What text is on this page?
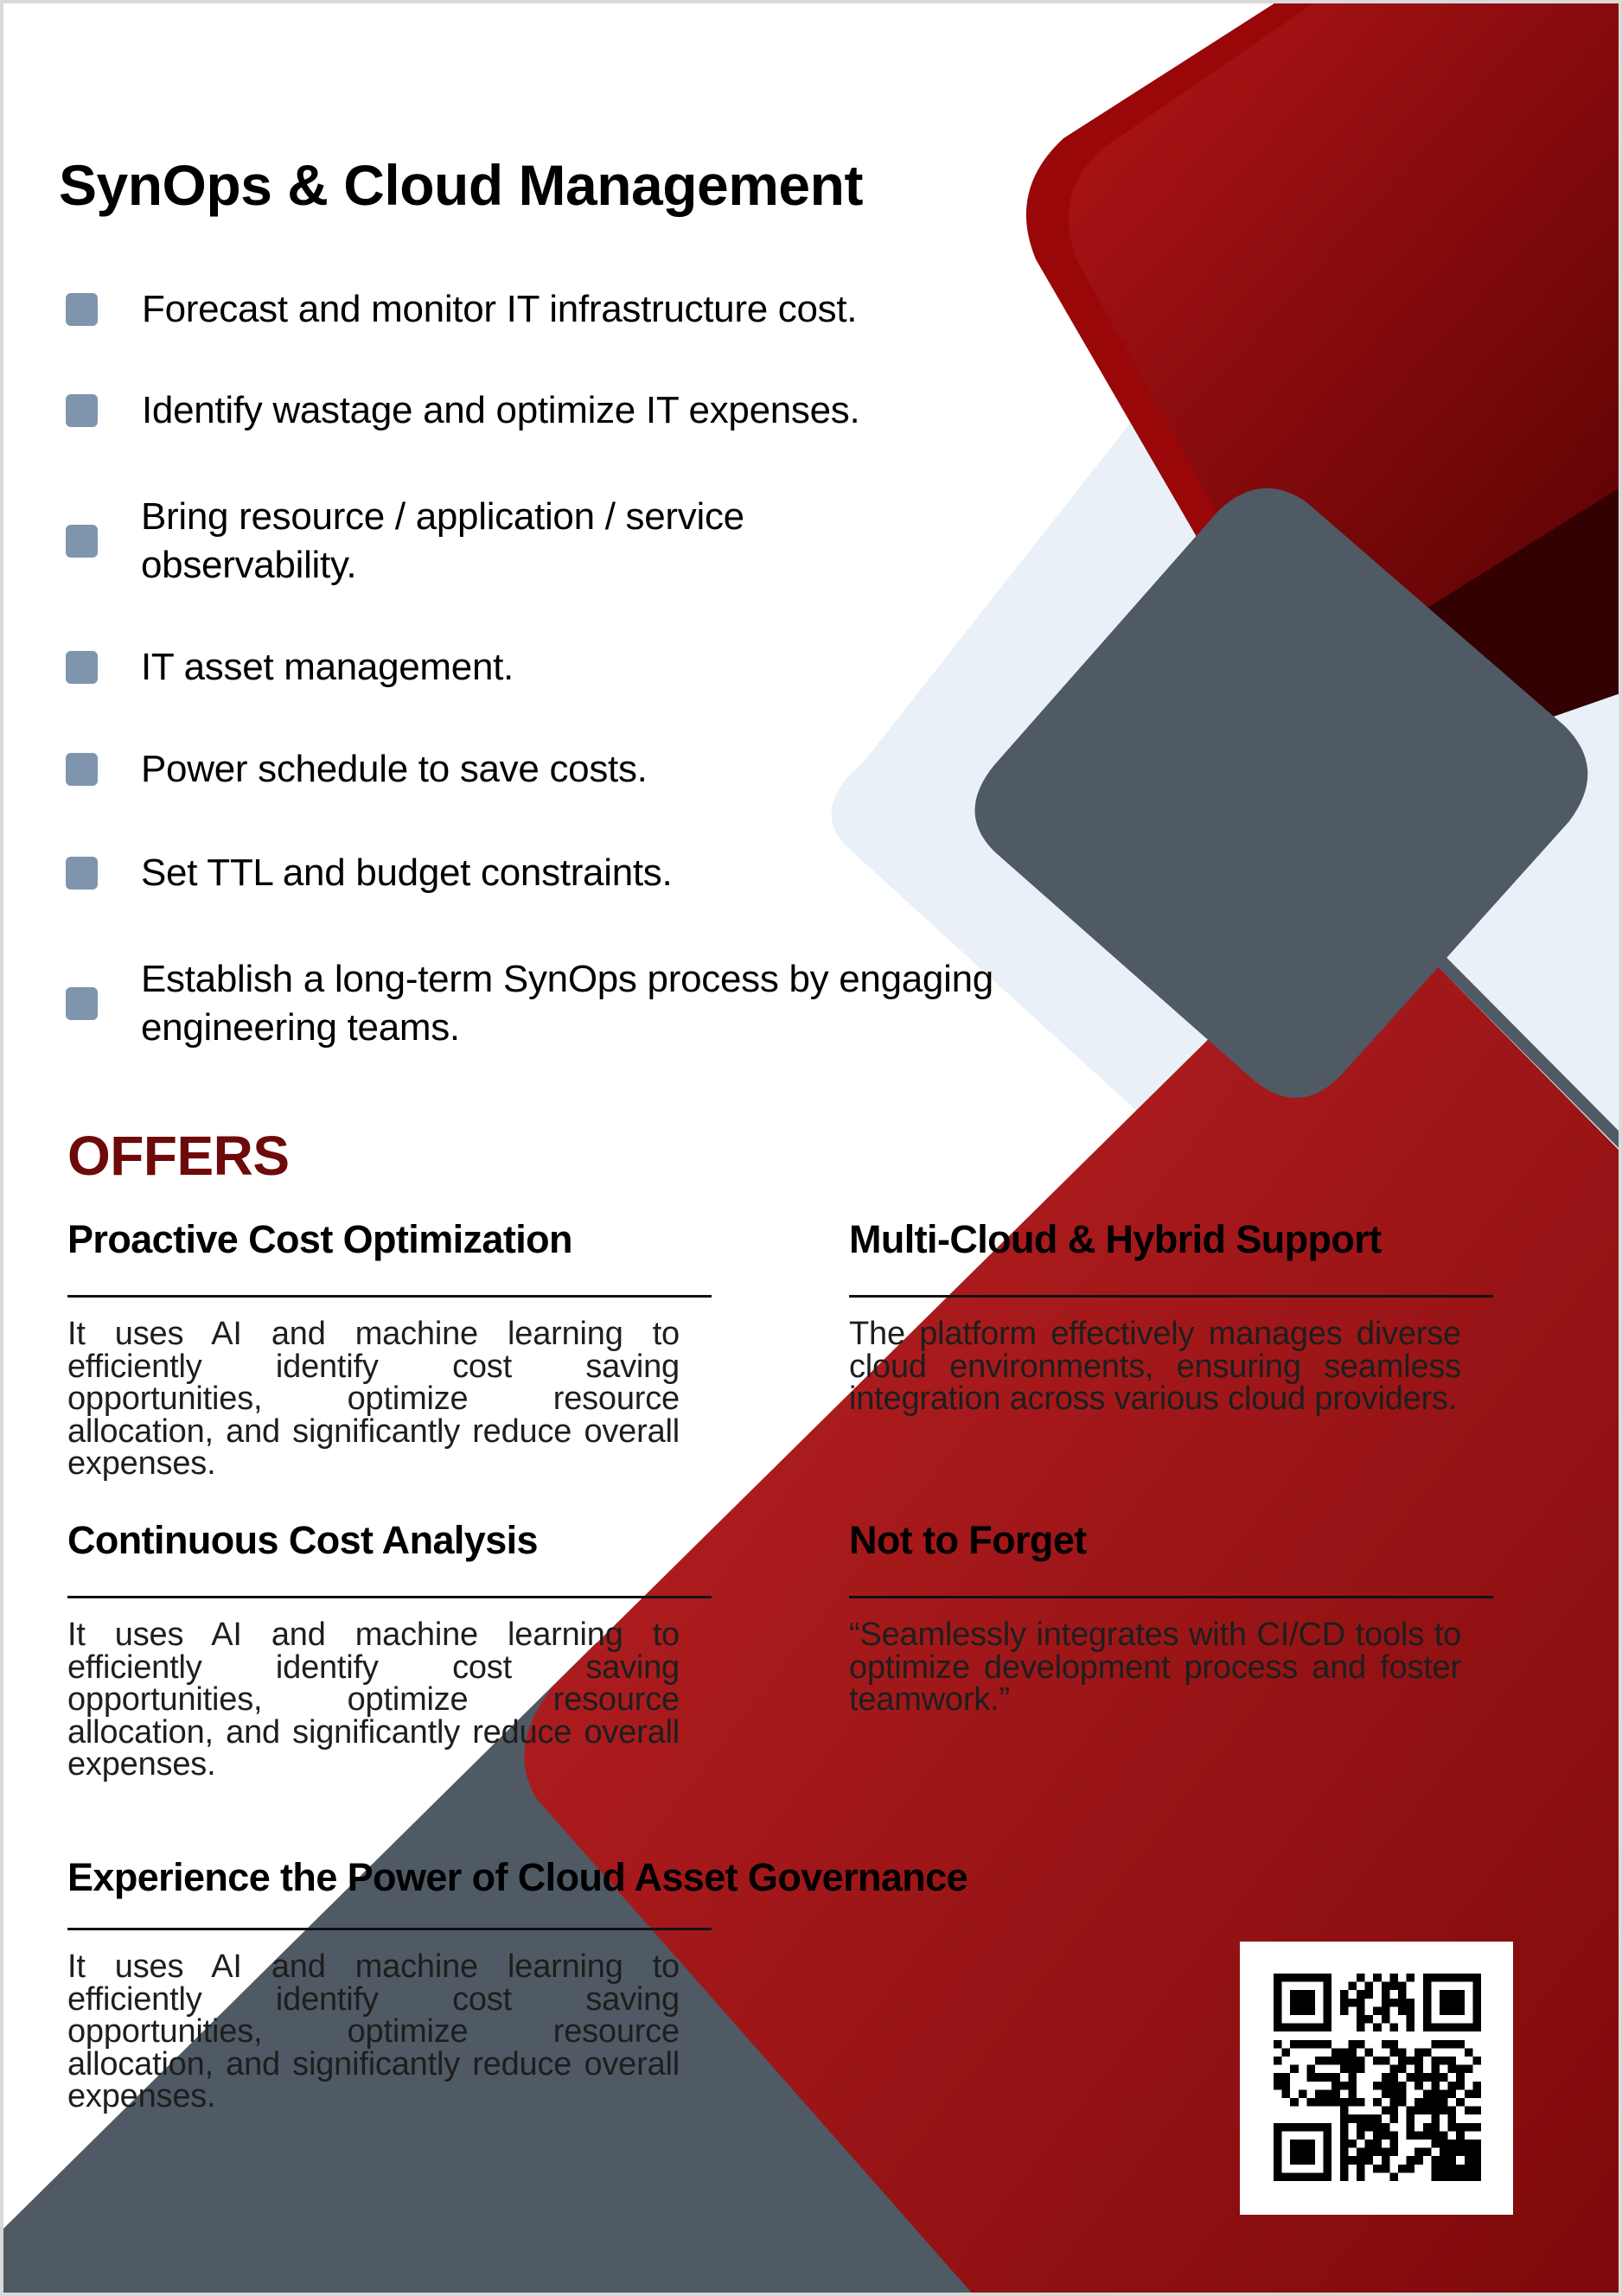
SynOps & Cloud Management
Forecast and monitor IT infrastructure cost.
Identify wastage and optimize IT expenses.
Bring resource / application / service observability.
IT asset management.
Power schedule to save costs.
Set TTL and budget constraints.
Establish a long-term SynOps process by engaging engineering teams.
OFFERS
Proactive Cost Optimization

It uses AI and machine learning to efficiently identify cost saving opportunities, optimize resource allocation, and significantly reduce overall expenses.

Multi-Cloud & Hybrid Support

The platform effectively manages diverse cloud environments, ensuring seamless integration across various cloud providers.

Continuous Cost Analysis

It uses AI and machine learning to efficiently identify cost saving opportunities, optimize resource allocation, and significantly reduce overall expenses.

Not to Forget

“Seamlessly integrates with CI/CD tools to optimize development process and foster teamwork.”

Experience the Power of Cloud Asset Governance

It uses AI and machine learning to efficiently identify cost saving opportunities, optimize resource allocation, and significantly reduce overall expenses.
